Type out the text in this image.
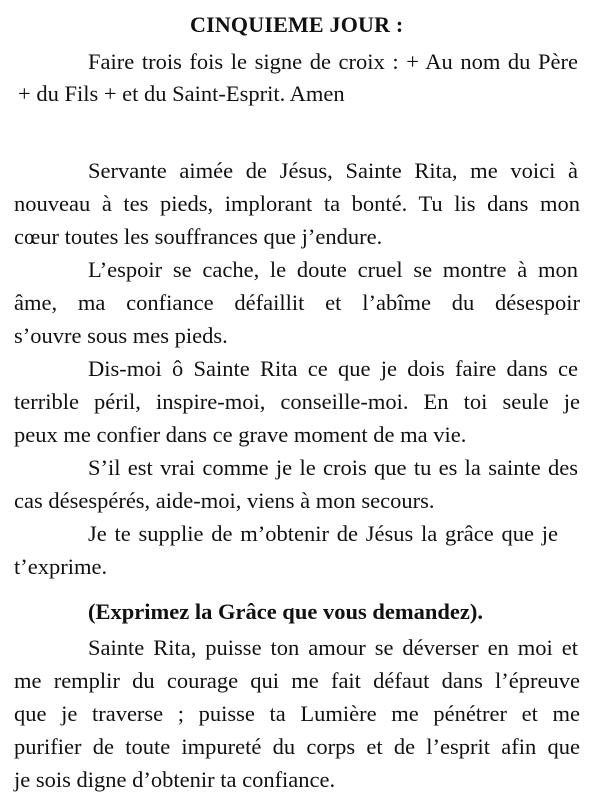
CINQUIEME JOUR :
Faire trois fois le signe de croix : + Au nom du Père
+ du Fils + et du Saint-Esprit. Amen
Servante aimée de Jésus, Sainte Rita, me voici à
nouveau à tes pieds, implorant ta bonté. Tu lis dans mon
cœur toutes les souffrances que j’endure.
L’espoir se cache, le doute cruel se montre à mon
âme, ma confiance défaillit et l’abîme du désespoir
s’ouvre sous mes pieds.
Dis-moi ô Sainte Rita ce que je dois faire dans ce
terrible péril, inspire-moi, conseille-moi. En toi seule je
peux me confier dans ce grave moment de ma vie.
S’il est vrai comme je le crois que tu es la sainte des
cas désespérés, aide-moi, viens à mon secours.
Je te supplie de m’obtenir de Jésus la grâce que je
t’exprime.
(Exprimez la Grâce que vous demandez).
Sainte Rita, puisse ton amour se déverser en moi et
me remplir du courage qui me fait défaut dans l’épreuve
que je traverse ; puisse ta Lumière me pénétrer et me
purifier de toute impureté du corps et de l’esprit afin que
je sois digne d’obtenir ta confiance.
